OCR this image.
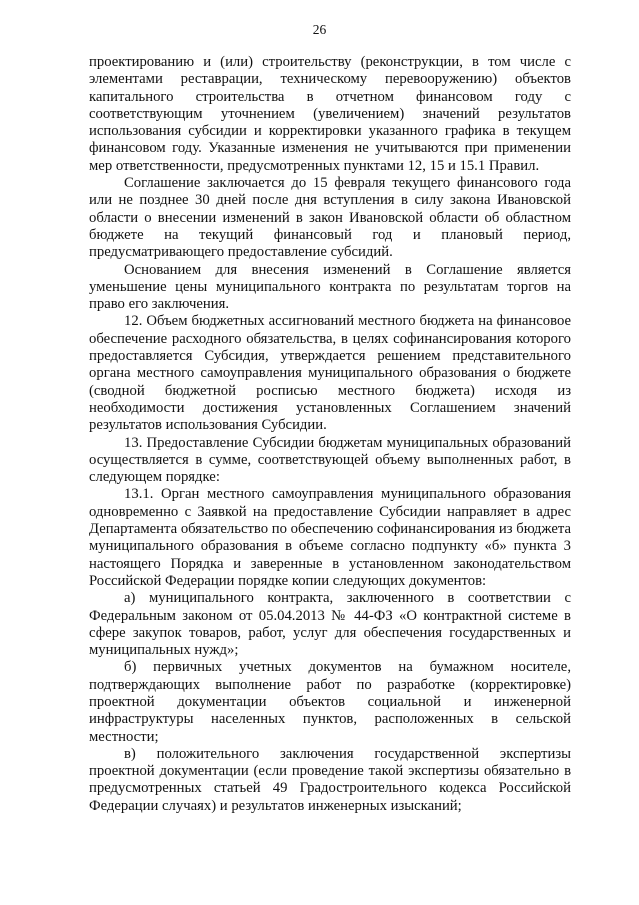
26

проектированию и (или) строительству (реконструкции, в том числе с элементами реставрации, техническому перевооружению) объектов капитального строительства в отчетном финансовом году с соответствующим уточнением (увеличением) значений результатов использования субсидии и корректировки указанного графика в текущем финансовом году. Указанные изменения не учитываются при применении мер ответственности, предусмотренных пунктами 12, 15 и 15.1 Правил.

Соглашение заключается до 15 февраля текущего финансового года или не позднее 30 дней после дня вступления в силу закона Ивановской области о внесении изменений в закон Ивановской области об областном бюджете на текущий финансовый год и плановый период, предусматривающего предоставление субсидий.

Основанием для внесения изменений в Соглашение является уменьшение цены муниципального контракта по результатам торгов на право его заключения.

12. Объем бюджетных ассигнований местного бюджета на финансовое обеспечение расходного обязательства, в целях софинансирования которого предоставляется Субсидия, утверждается решением представительного органа местного самоуправления муниципального образования о бюджете (сводной бюджетной росписью местного бюджета) исходя из необходимости достижения установленных Соглашением значений результатов использования Субсидии.

13. Предоставление Субсидии бюджетам муниципальных образований осуществляется в сумме, соответствующей объему выполненных работ, в следующем порядке:

13.1. Орган местного самоуправления муниципального образования одновременно с Заявкой на предоставление Субсидии направляет в адрес Департамента обязательство по обеспечению софинансирования из бюджета муниципального образования в объеме согласно подпункту «б» пункта 3 настоящего Порядка и заверенные в установленном законодательством Российской Федерации порядке копии следующих документов:

а) муниципального контракта, заключенного в соответствии с Федеральным законом от 05.04.2013 № 44-ФЗ «О контрактной системе в сфере закупок товаров, работ, услуг для обеспечения государственных и муниципальных нужд»;

б) первичных учетных документов на бумажном носителе, подтверждающих выполнение работ по разработке (корректировке) проектной документации объектов социальной и инженерной инфраструктуры населенных пунктов, расположенных в сельской местности;

в) положительного заключения государственной экспертизы проектной документации (если проведение такой экспертизы обязательно в предусмотренных статьей 49 Градостроительного кодекса Российской Федерации случаях) и результатов инженерных изысканий;
